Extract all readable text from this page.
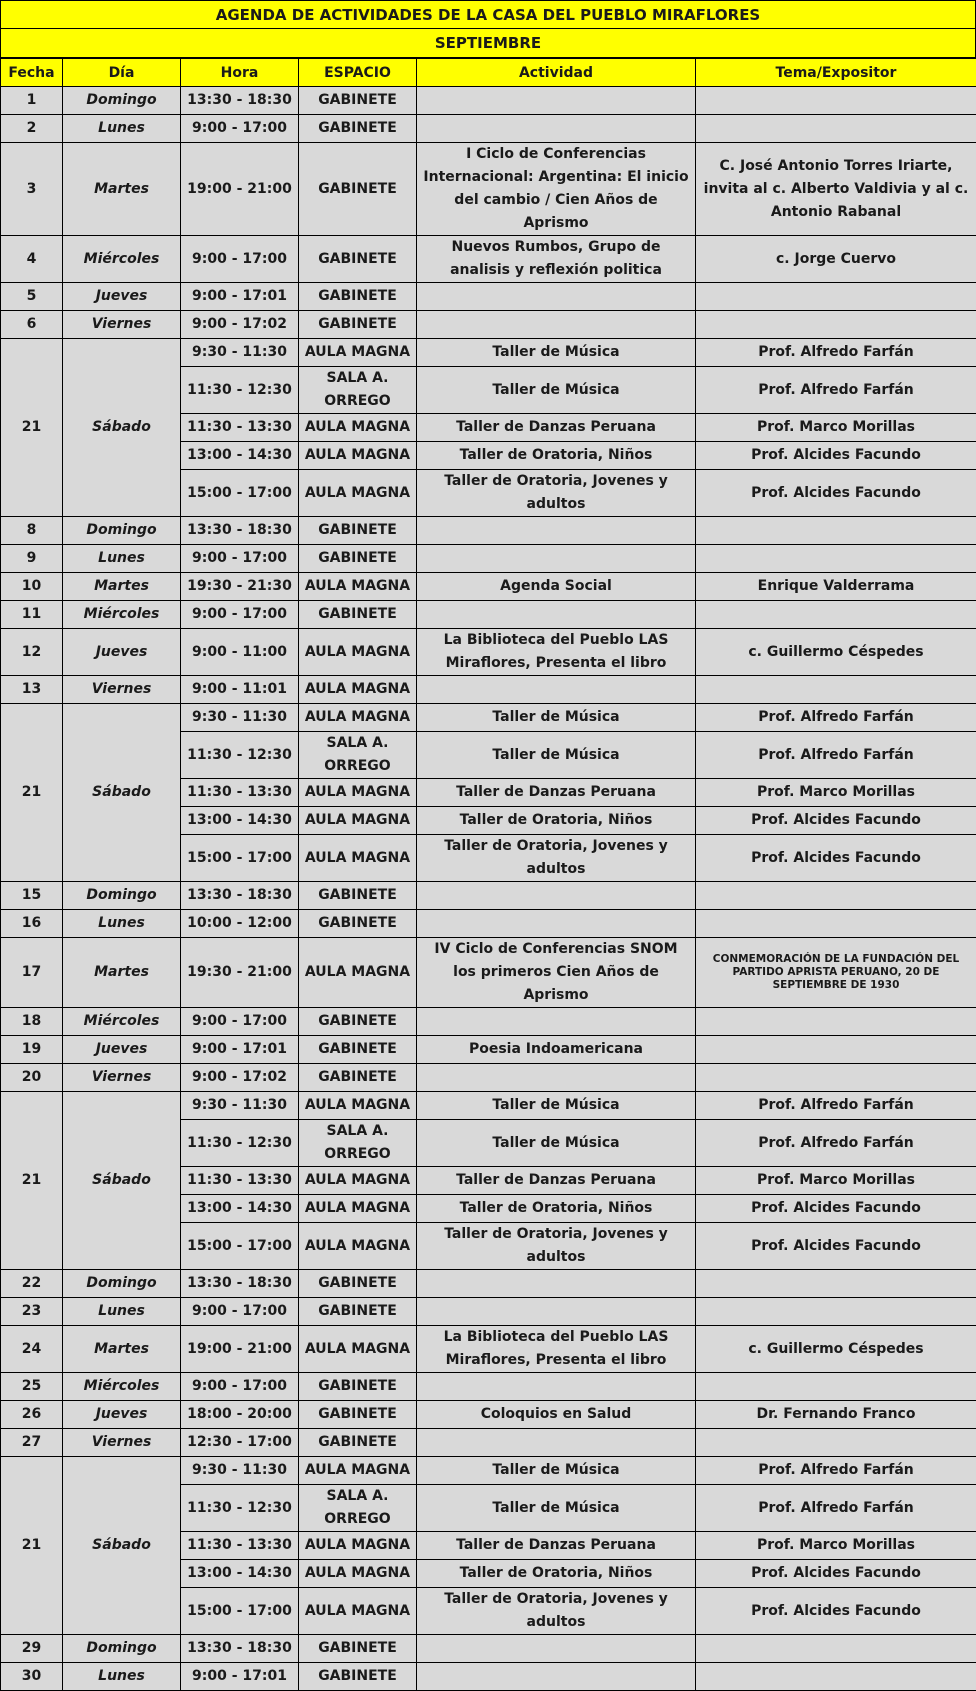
AGENDA DE ACTIVIDADES DE LA CASA DEL PUEBLO MIRAFLORES
SEPTIEMBRE
Fecha	Día	Hora	ESPACIO	Actividad	Tema/Expositor
1	Domingo	13:30 - 18:30	GABINETE		
2	Lunes	9:00 - 17:00	GABINETE		
3	Martes	19:00 - 21:00	GABINETE	I Ciclo de Conferencias Internacional: Argentina: El inicio del cambio / Cien Años de Aprismo	C. José Antonio Torres Iriarte, invita al c. Alberto Valdivia y al c. Antonio Rabanal
4	Miércoles	9:00 - 17:00	GABINETE	Nuevos Rumbos, Grupo de analisis y reflexión politica	c. Jorge Cuervo
5	Jueves	9:00 - 17:01	GABINETE		
6	Viernes	9:00 - 17:02	GABINETE		
21	Sábado	9:30 - 11:30	AULA MAGNA	Taller de Música	Prof. Alfredo Farfán
		11:30 - 12:30	SALA A. ORREGO	Taller de Música	Prof. Alfredo Farfán
		11:30 - 13:30	AULA MAGNA	Taller de Danzas Peruana	Prof. Marco Morillas
		13:00 - 14:30	AULA MAGNA	Taller de Oratoria, Niños	Prof. Alcides Facundo
		15:00 - 17:00	AULA MAGNA	Taller de Oratoria, Jovenes y adultos	Prof. Alcides Facundo
8	Domingo	13:30 - 18:30	GABINETE		
9	Lunes	9:00 - 17:00	GABINETE		
10	Martes	19:30 - 21:30	AULA MAGNA	Agenda Social	Enrique Valderrama
11	Miércoles	9:00 - 17:00	GABINETE		
12	Jueves	9:00 - 11:00	AULA MAGNA	La Biblioteca del Pueblo LAS Miraflores, Presenta el libro	c. Guillermo Céspedes
13	Viernes	9:00 - 11:01	AULA MAGNA		
21	Sábado	9:30 - 11:30	AULA MAGNA	Taller de Música	Prof. Alfredo Farfán
		11:30 - 12:30	SALA A. ORREGO	Taller de Música	Prof. Alfredo Farfán
		11:30 - 13:30	AULA MAGNA	Taller de Danzas Peruana	Prof. Marco Morillas
		13:00 - 14:30	AULA MAGNA	Taller de Oratoria, Niños	Prof. Alcides Facundo
		15:00 - 17:00	AULA MAGNA	Taller de Oratoria, Jovenes y adultos	Prof. Alcides Facundo
15	Domingo	13:30 - 18:30	GABINETE		
16	Lunes	10:00 - 12:00	GABINETE		
17	Martes	19:30 - 21:00	AULA MAGNA	IV Ciclo de Conferencias SNOM los primeros Cien Años de Aprismo	CONMEMORACIÓN DE LA FUNDACIÓN DEL PARTIDO APRISTA PERUANO, 20 DE SEPTIEMBRE DE 1930
18	Miércoles	9:00 - 17:00	GABINETE		
19	Jueves	9:00 - 17:01	GABINETE	Poesia Indoamericana	
20	Viernes	9:00 - 17:02	GABINETE		
21	Sábado	9:30 - 11:30	AULA MAGNA	Taller de Música	Prof. Alfredo Farfán
		11:30 - 12:30	SALA A. ORREGO	Taller de Música	Prof. Alfredo Farfán
		11:30 - 13:30	AULA MAGNA	Taller de Danzas Peruana	Prof. Marco Morillas
		13:00 - 14:30	AULA MAGNA	Taller de Oratoria, Niños	Prof. Alcides Facundo
		15:00 - 17:00	AULA MAGNA	Taller de Oratoria, Jovenes y adultos	Prof. Alcides Facundo
22	Domingo	13:30 - 18:30	GABINETE		
23	Lunes	9:00 - 17:00	GABINETE		
24	Martes	19:00 - 21:00	AULA MAGNA	La Biblioteca del Pueblo LAS Miraflores, Presenta el libro	c. Guillermo Céspedes
25	Miércoles	9:00 - 17:00	GABINETE		
26	Jueves	18:00 - 20:00	GABINETE	Coloquios en Salud	Dr. Fernando Franco
27	Viernes	12:30 - 17:00	GABINETE		
21	Sábado	9:30 - 11:30	AULA MAGNA	Taller de Música	Prof. Alfredo Farfán
		11:30 - 12:30	SALA A. ORREGO	Taller de Música	Prof. Alfredo Farfán
		11:30 - 13:30	AULA MAGNA	Taller de Danzas Peruana	Prof. Marco Morillas
		13:00 - 14:30	AULA MAGNA	Taller de Oratoria, Niños	Prof. Alcides Facundo
		15:00 - 17:00	AULA MAGNA	Taller de Oratoria, Jovenes y adultos	Prof. Alcides Facundo
29	Domingo	13:30 - 18:30	GABINETE		
30	Lunes	9:00 - 17:01	GABINETE		
